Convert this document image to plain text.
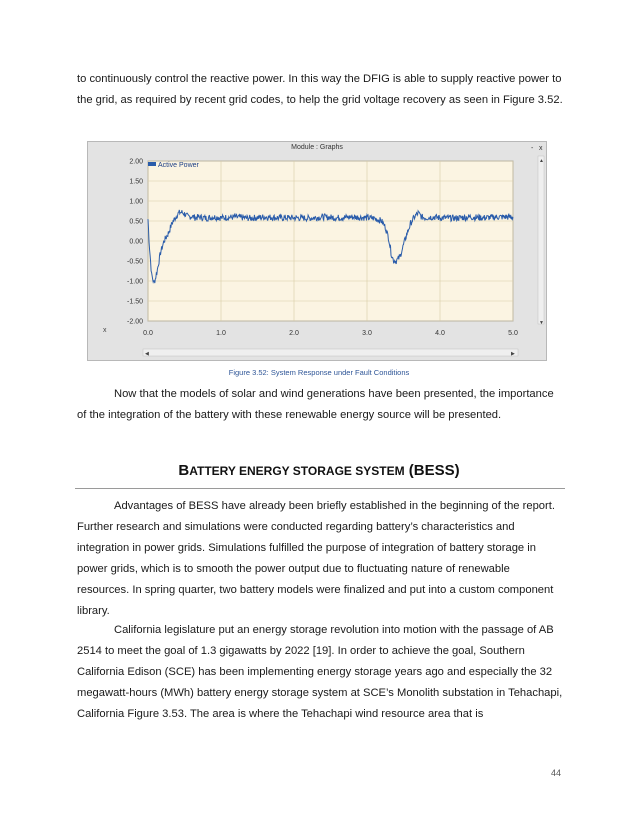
to continuously control the reactive power. In this way the DFIG is able to supply reactive power to the grid, as required by recent grid codes, to help the grid voltage recovery as seen in Figure 3.52.

Module : Graphs	- x
2.00
1.50
1.00
0.50
0.00
-0.50
-1.00
-1.50
-2.00
0.0	1.0	2.0	3.0	4.0	5.0
Active Power
x
▲
▼
◀	▶
Figure 3.52: System Response under Fault Conditions

Now that the models of solar and wind generations have been presented, the importance of the integration of the battery with these renewable energy source will be presented.

BATTERY ENERGY STORAGE SYSTEM (BESS)

Advantages of BESS have already been briefly established in the beginning of the report. Further research and simulations were conducted regarding battery’s characteristics and integration in power grids. Simulations fulfilled the purpose of integration of battery storage in power grids, which is to smooth the power output due to fluctuating nature of renewable resources. In spring quarter, two battery models were finalized and put into a custom component library.

California legislature put an energy storage revolution into motion with the passage of AB 2514 to meet the goal of 1.3 gigawatts by 2022 [19]. In order to achieve the goal, Southern California Edison (SCE) has been implementing energy storage years ago and especially the 32 megawatt-hours (MWh) battery energy storage system at SCE’s Monolith substation in Tehachapi, California Figure 3.53. The area is where the Tehachapi wind resource area that is

44
